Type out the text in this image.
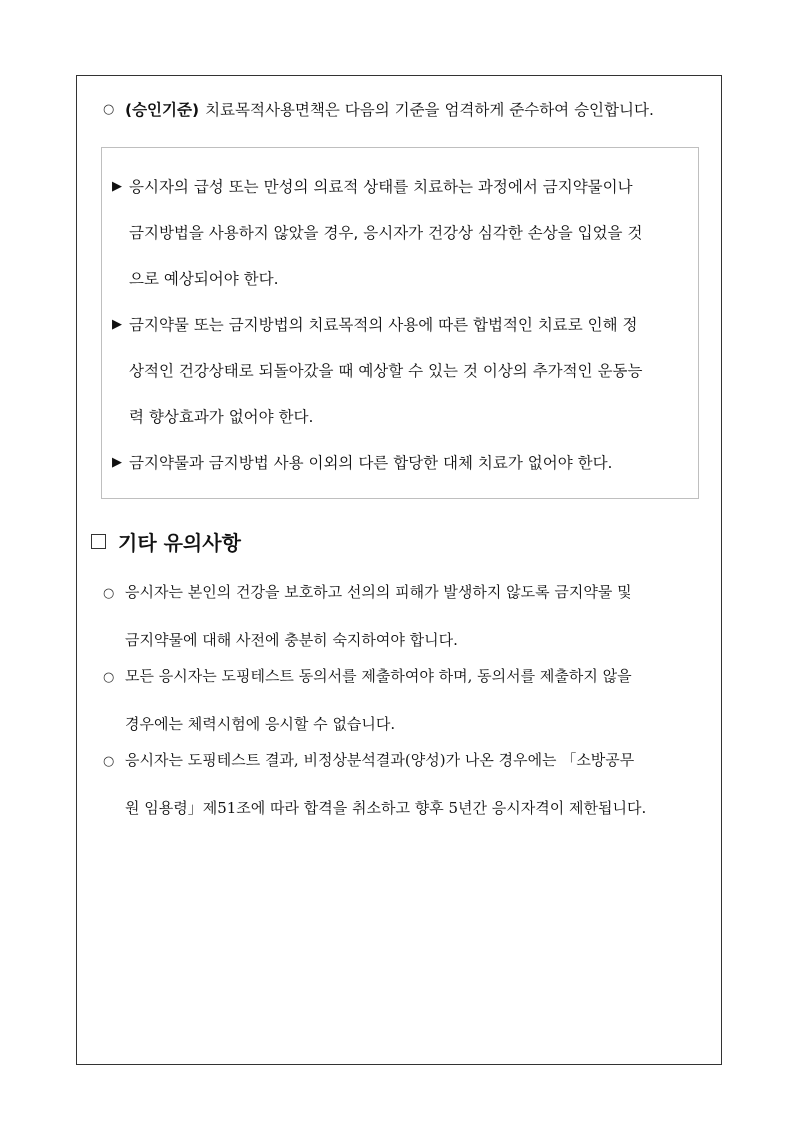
○ (승인기준) 치료목적사용면책은 다음의 기준을 엄격하게 준수하여 승인합니다.
▶ 응시자의 급성 또는 만성의 의료적 상태를 치료하는 과정에서 금지약물이나
금지방법을 사용하지 않았을 경우, 응시자가 건강상 심각한 손상을 입었을 것
으로 예상되어야 한다.
▶ 금지약물 또는 금지방법의 치료목적의 사용에 따른 합법적인 치료로 인해 정
상적인 건강상태로 되돌아갔을 때 예상할 수 있는 것 이상의 추가적인 운동능
력 향상효과가 없어야 한다.
▶ 금지약물과 금지방법 사용 이외의 다른 합당한 대체 치료가 없어야 한다.
기타 유의사항
○ 응시자는 본인의 건강을 보호하고 선의의 피해가 발생하지 않도록 금지약물 및
금지약물에 대해 사전에 충분히 숙지하여야 합니다.
○ 모든 응시자는 도핑테스트 동의서를 제출하여야 하며, 동의서를 제출하지 않을
경우에는 체력시험에 응시할 수 없습니다.
○ 응시자는 도핑테스트 결과, 비정상분석결과(양성)가 나온 경우에는 「소방공무
원 임용령」제51조에 따라 합격을 취소하고 향후 5년간 응시자격이 제한됩니다.
